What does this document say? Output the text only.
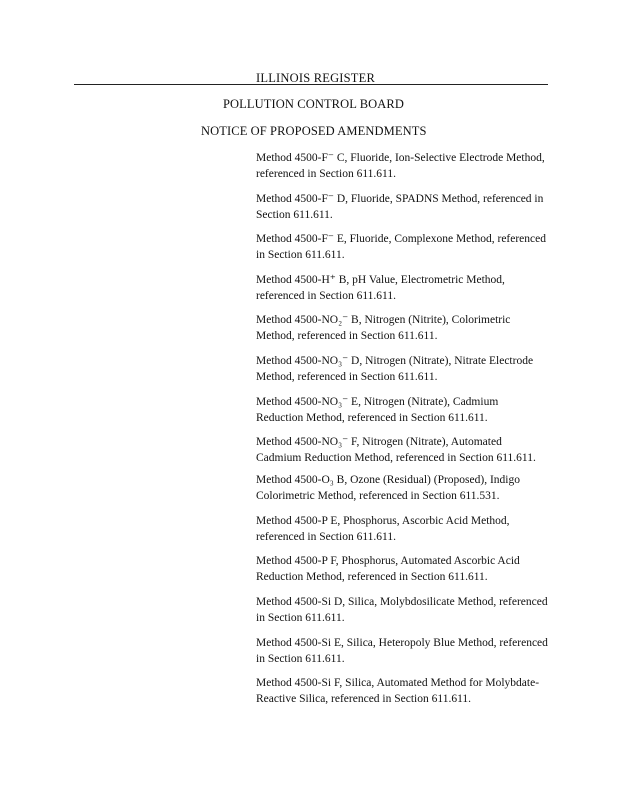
ILLINOIS REGISTER
POLLUTION CONTROL BOARD
NOTICE OF PROPOSED AMENDMENTS
Method 4500-F⁻ C, Fluoride, Ion-Selective Electrode Method, referenced in Section 611.611.
Method 4500-F⁻ D, Fluoride, SPADNS Method, referenced in Section 611.611.
Method 4500-F⁻ E, Fluoride, Complexone Method, referenced in Section 611.611.
Method 4500-H⁺ B, pH Value, Electrometric Method, referenced in Section 611.611.
Method 4500-NO₂⁻ B, Nitrogen (Nitrite), Colorimetric Method, referenced in Section 611.611.
Method 4500-NO₃⁻ D, Nitrogen (Nitrate), Nitrate Electrode Method, referenced in Section 611.611.
Method 4500-NO₃⁻ E, Nitrogen (Nitrate), Cadmium Reduction Method, referenced in Section 611.611.
Method 4500-NO₃⁻ F, Nitrogen (Nitrate), Automated Cadmium Reduction Method, referenced in Section 611.611.
Method 4500-O₃ B, Ozone (Residual) (Proposed), Indigo Colorimetric Method, referenced in Section 611.531.
Method 4500-P E, Phosphorus, Ascorbic Acid Method, referenced in Section 611.611.
Method 4500-P F, Phosphorus, Automated Ascorbic Acid Reduction Method, referenced in Section 611.611.
Method 4500-Si D, Silica, Molybdosilicate Method, referenced in Section 611.611.
Method 4500-Si E, Silica, Heteropoly Blue Method, referenced in Section 611.611.
Method 4500-Si F, Silica, Automated Method for Molybdate-Reactive Silica, referenced in Section 611.611.
